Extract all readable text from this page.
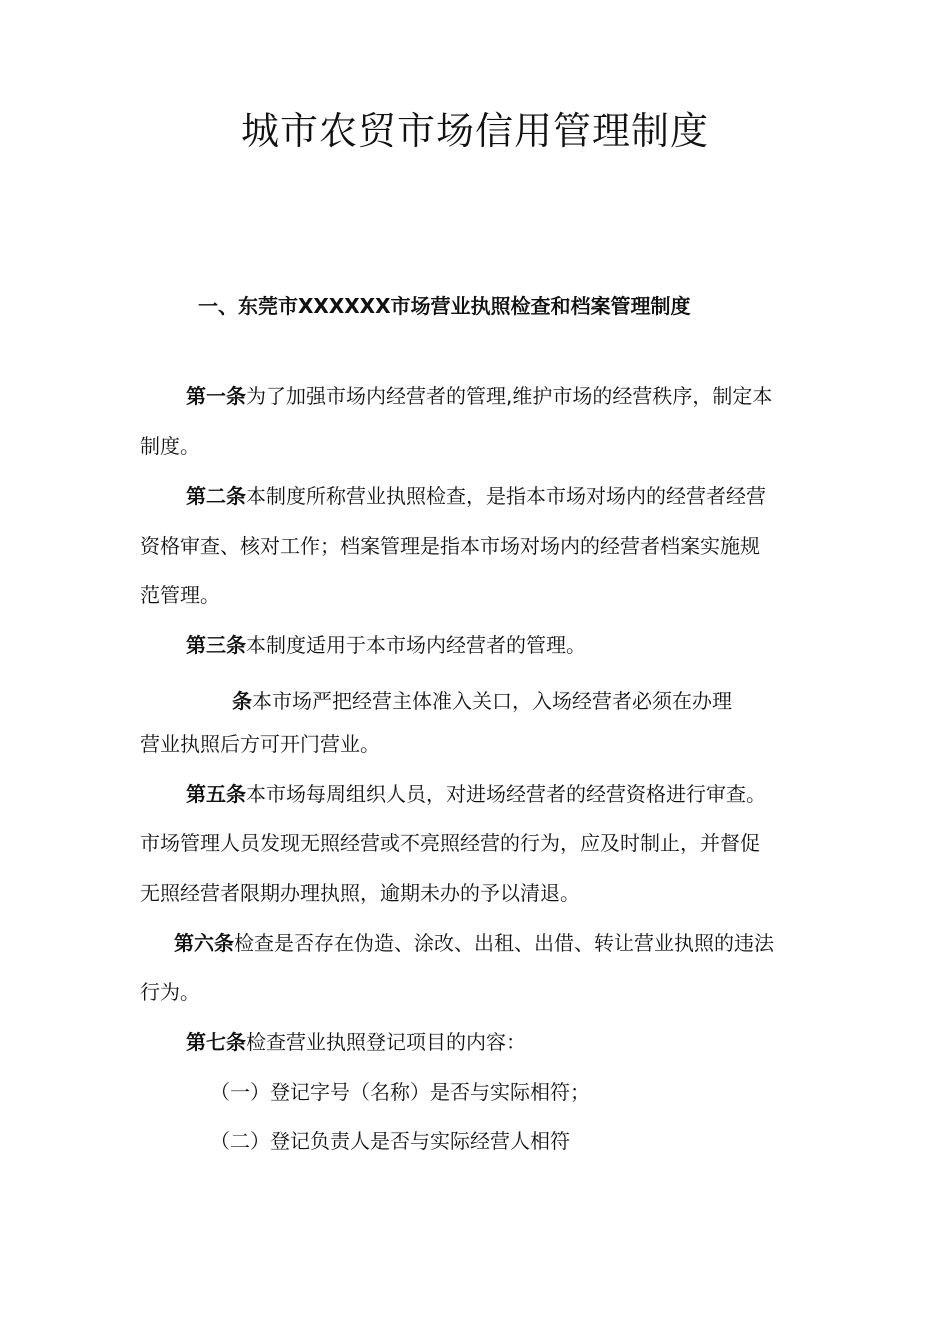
城市农贸市场信用管理制度
一、东莞市XXXXXX市场营业执照检查和档案管理制度

第一条为了加强市场内经营者的管理,维护市场的经营秩序，制定本

制度。

第二条本制度所称营业执照检查，是指本市场对场内的经营者经营

资格审查、核对工作；档案管理是指本市场对场内的经营者档案实施规

范管理。

第三条本制度适用于本市场内经营者的管理。

条本市场严把经营主体准入关口，入场经营者必须在办理

营业执照后方可开门营业。

第五条本市场每周组织人员，对进场经营者的经营资格进行审查。

市场管理人员发现无照经营或不亮照经营的行为，应及时制止，并督促

无照经营者限期办理执照，逾期未办的予以清退。

第六条检查是否存在伪造、涂改、出租、出借、转让营业执照的违法

行为。

第七条检查营业执照登记项目的内容：

（一）登记字号（名称）是否与实际相符；

（二）登记负责人是否与实际经营人相符
